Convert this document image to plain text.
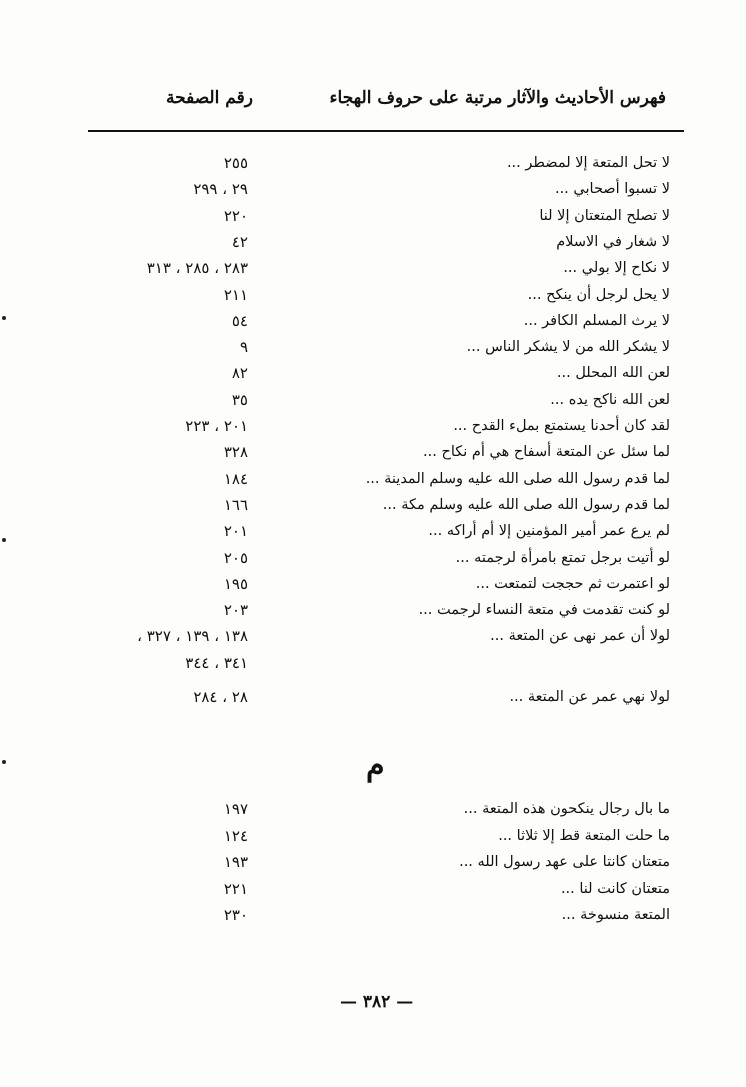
فهرس الأحاديث والآثار مرتبة على حروف الهجاء
رقم الصفحة
لا تحل المتعة إلا لمضطر ...
٢٥٥
لا تسبوا أصحابي ...
٢٩ ، ٢٩٩
لا تصلح المتعتان إلا لنا
٢٢٠
لا شغار في الاسلام
٤٢
لا نكاح إلا بولي ...
٢٨٣ ، ٢٨٥ ، ٣١٣
لا يحل لرجل أن ينكح ...
٢١١
لا يرث المسلم الكافر ...
٥٤
لا يشكر الله من لا يشكر الناس ...
٩
لعن الله المحلل ...
٨٢
لعن الله ناكح يده ...
٣٥
لقد كان أحدنا يستمتع بملء القدح ...
٢٠١ ، ٢٢٣
لما سئل عن المتعة أسفاح هي أم نكاح ...
٣٢٨
لما قدم رسول الله صلى الله عليه وسلم المدينة ...
١٨٤
لما قدم رسول الله صلى الله عليه وسلم مكة ...
١٦٦
لم يرع عمر أمير المؤمنين إلا أم أراكه ...
٢٠١
لو أتيت برجل تمتع بامرأة لرجمته ...
٢٠٥
لو اعتمرت ثم حججت لتمتعت ...
١٩٥
لو كنت تقدمت في متعة النساء لرجمت ...
٢٠٣
لولا أن عمر نهى عن المتعة ...
١٣٨ ، ١٣٩ ، ٣٢٧ ،
٣٤١ ، ٣٤٤
لولا نهي عمر عن المتعة ...
٢٨ ، ٢٨٤
م
ما بال رجال ينكحون هذه المتعة ...
١٩٧
ما حلت المتعة قط إلا ثلاثا ...
١٢٤
متعتان كانتا على عهد رسول الله ...
١٩٣
متعتان كانت لنا ...
٢٢١
المتعة منسوخة ...
٢٣٠
— ٣٨٢ —
